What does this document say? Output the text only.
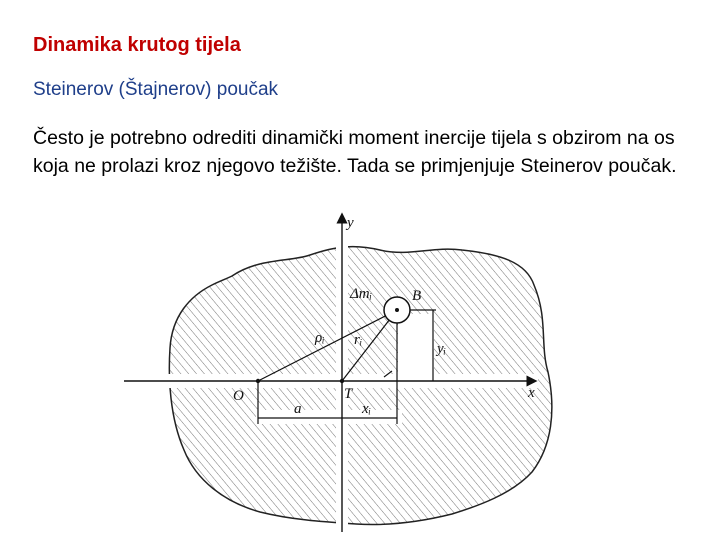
Dinamika krutog tijela
Steinerov (Štajnerov) poučak
Često je potrebno odrediti dinamički moment inercije tijela s obzirom na os koja ne prolazi kroz njegovo težište. Tada se primjenjuje Steinerov poučak.
y
x
Δmᵢ	B
ρᵢ rᵢ
yᵢ
O	T
a	xᵢ
